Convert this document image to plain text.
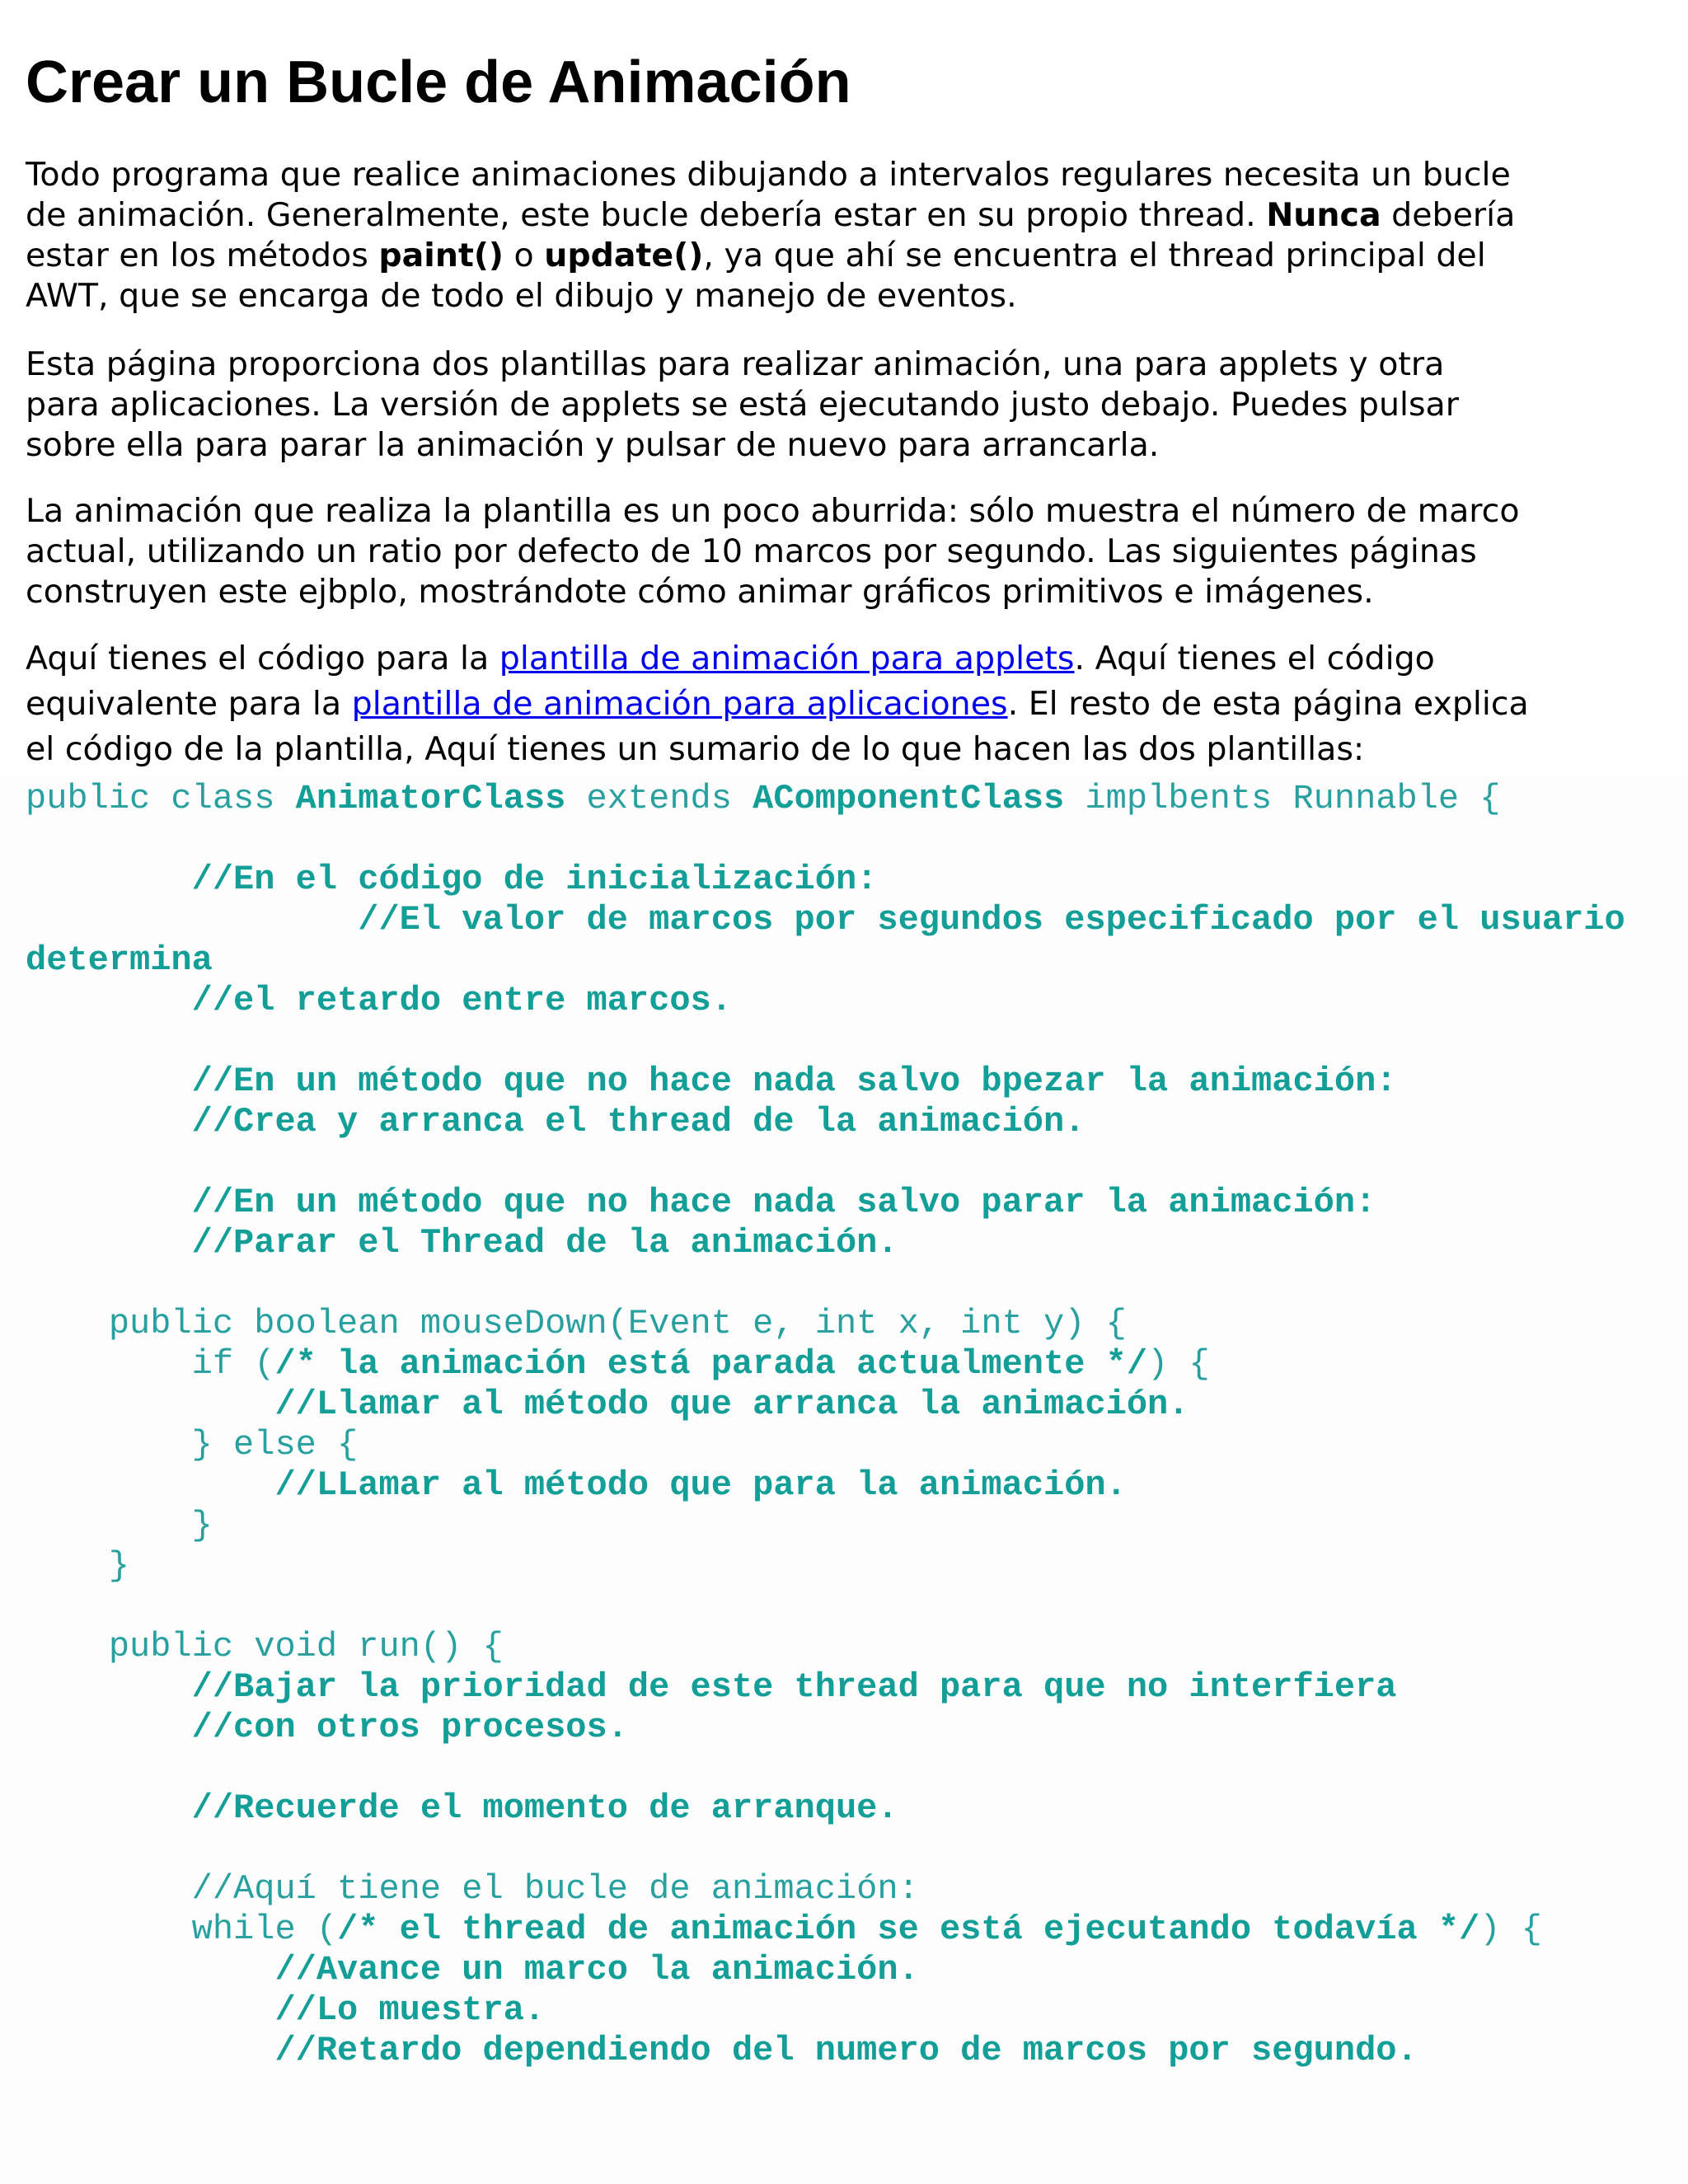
Crear un Bucle de Animación

Todo programa que realice animaciones dibujando a intervalos regulares necesita un bucle
de animación. Generalmente, este bucle debería estar en su propio thread. Nunca debería
estar en los métodos paint() o update(), ya que ahí se encuentra el thread principal del
AWT, que se encarga de todo el dibujo y manejo de eventos.

Esta página proporciona dos plantillas para realizar animación, una para applets y otra
para aplicaciones. La versión de applets se está ejecutando justo debajo. Puedes pulsar
sobre ella para parar la animación y pulsar de nuevo para arrancarla.

La animación que realiza la plantilla es un poco aburrida: sólo muestra el número de marco
actual, utilizando un ratio por defecto de 10 marcos por segundo. Las siguientes páginas
construyen este ejbplo, mostrándote cómo animar gráficos primitivos e imágenes.

Aquí tienes el código para la plantilla de animación para applets. Aquí tienes el código
equivalente para la plantilla de animación para aplicaciones. El resto de esta página explica
el código de la plantilla, Aquí tienes un sumario de lo que hacen las dos plantillas:

public class AnimatorClass extends AComponentClass implbents Runnable {

//En el código de inicialización:
//El valor de marcos por segundos especificado por el usuario
determina
//el retardo entre marcos.

//En un método que no hace nada salvo bpezar la animación:
//Crea y arranca el thread de la animación.

//En un método que no hace nada salvo parar la animación:
//Parar el Thread de la animación.

public boolean mouseDown(Event e, int x, int y) {
if (/* la animación está parada actualmente */) {
//Llamar al método que arranca la animación.
} else {
//LLamar al método que para la animación.
}
}

public void run() {
//Bajar la prioridad de este thread para que no interfiera
//con otros procesos.

//Recuerde el momento de arranque.

//Aquí tiene el bucle de animación:
while (/* el thread de animación se está ejecutando todavía */) {
//Avance un marco la animación.
//Lo muestra.
//Retardo dependiendo del numero de marcos por segundo.
